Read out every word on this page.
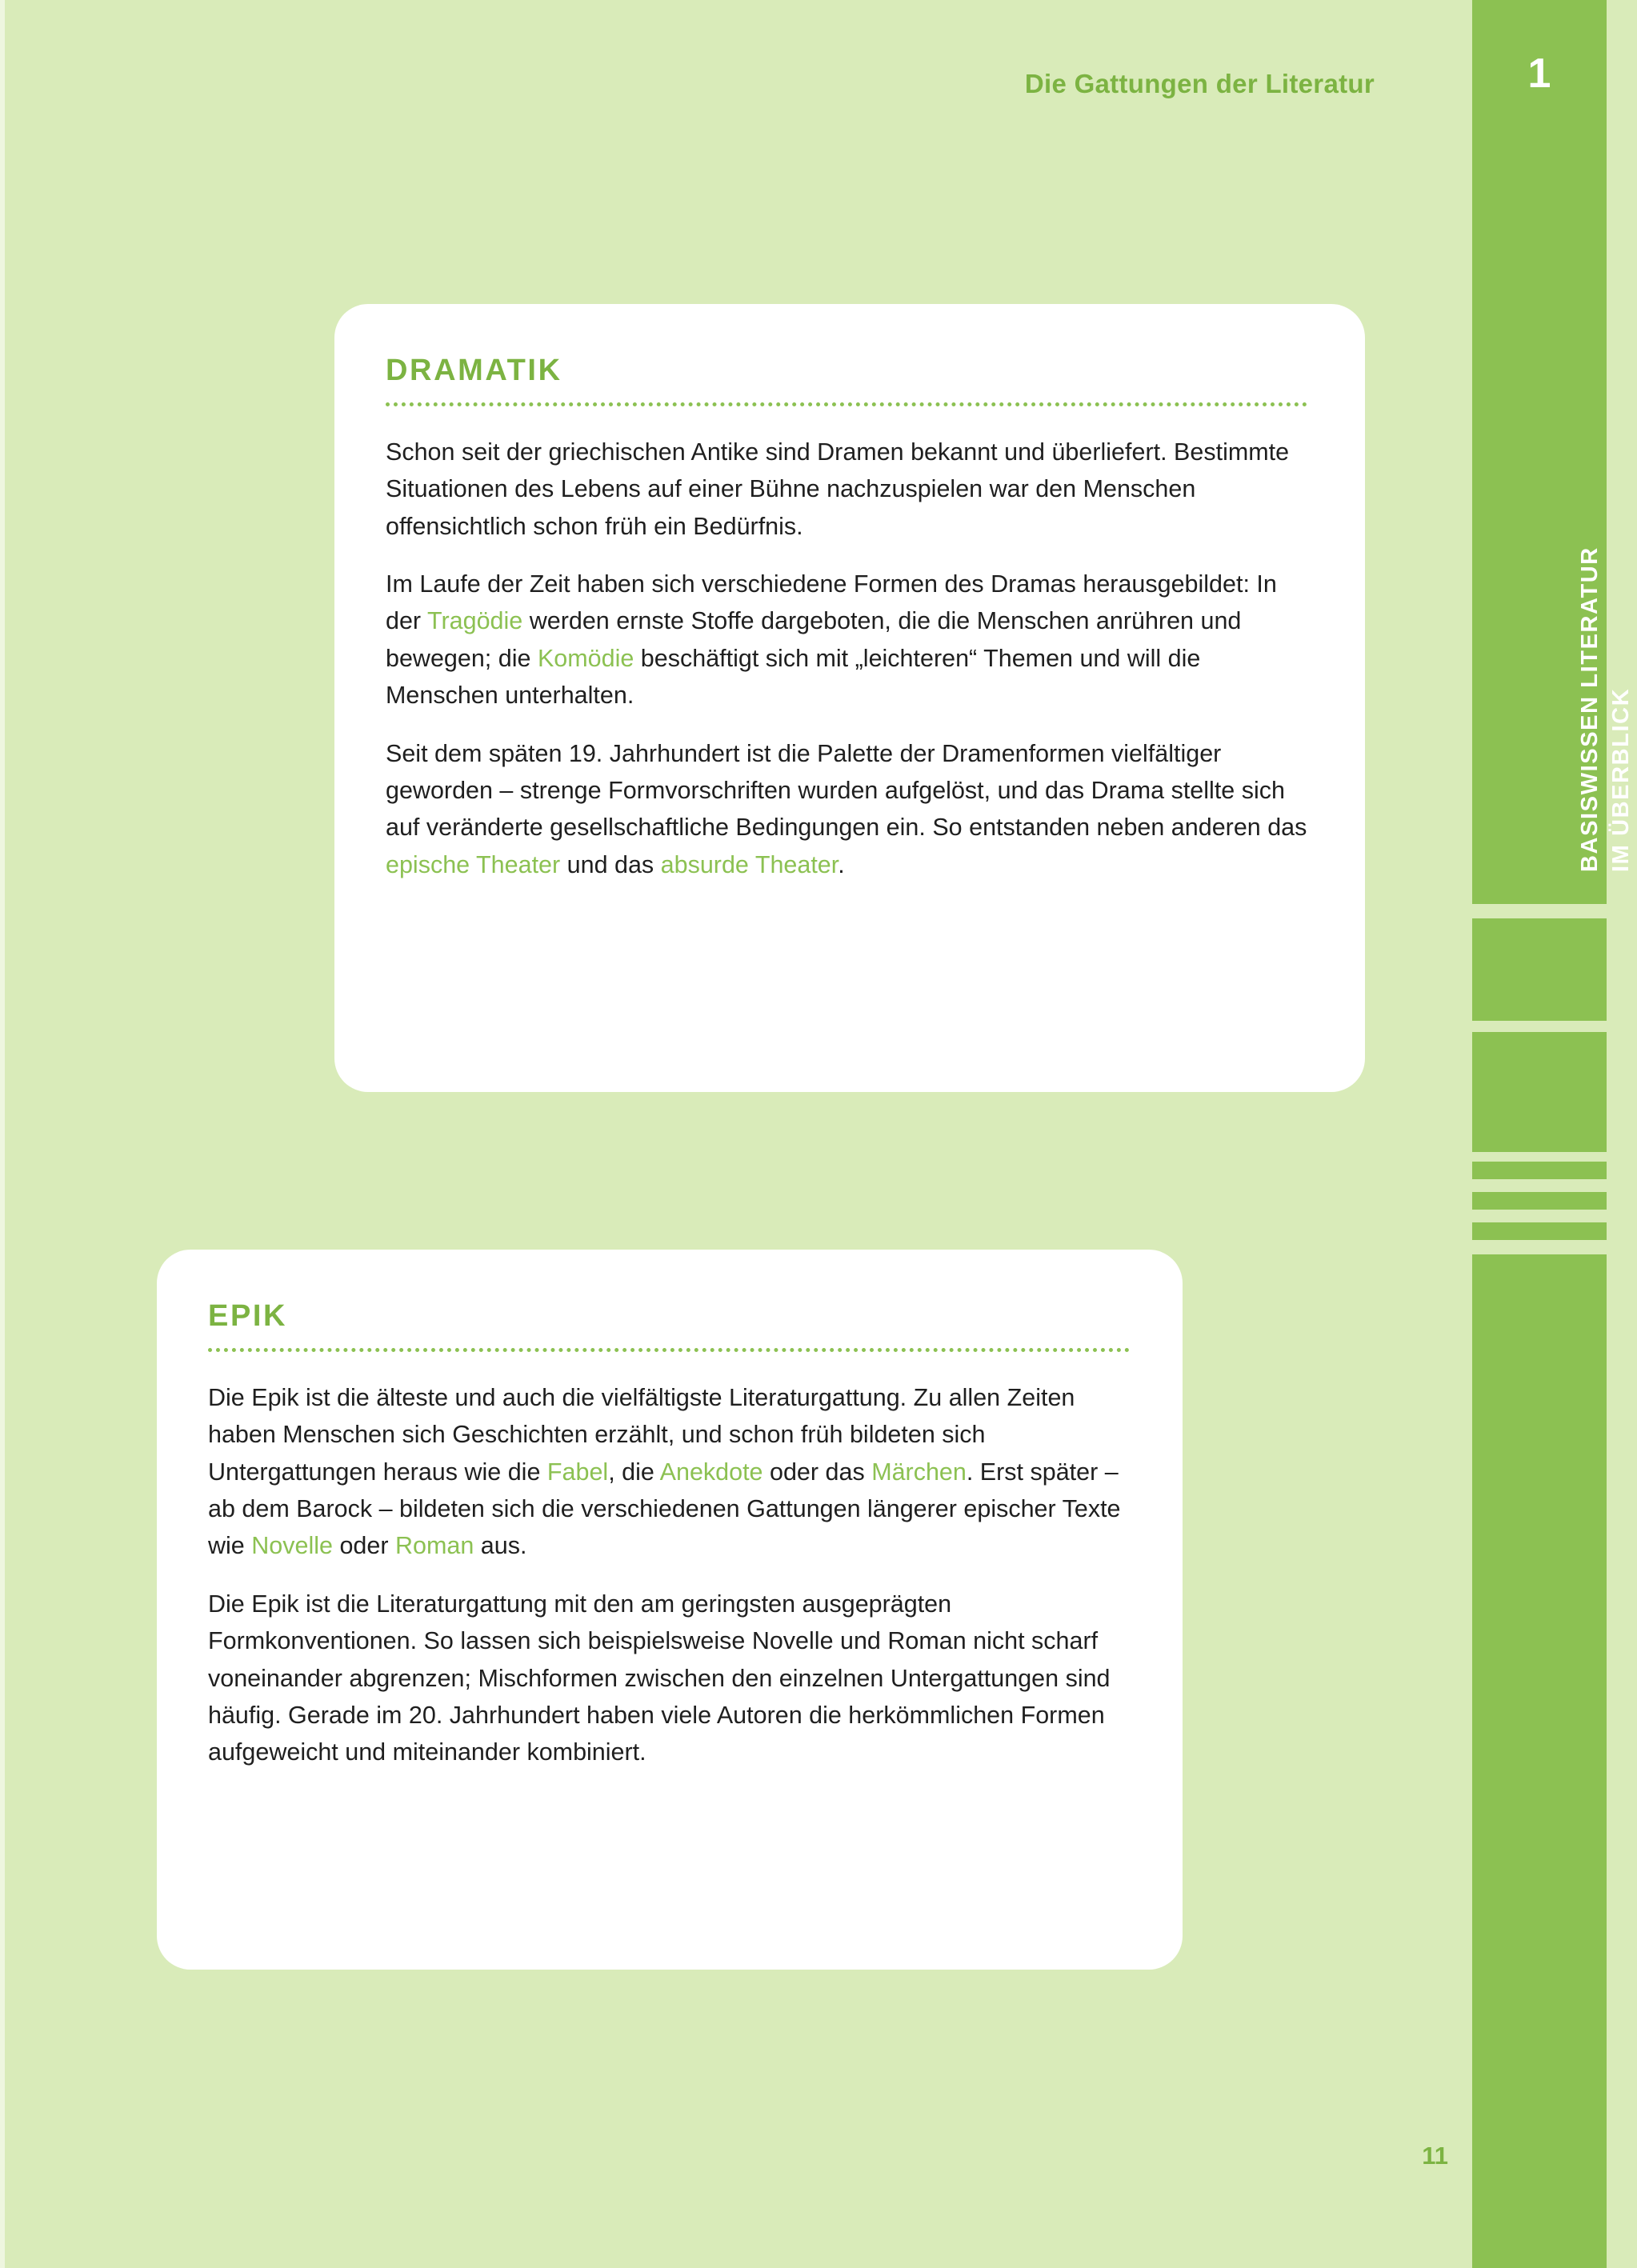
Die Gattungen der Literatur	1
BASISWISSEN LITERATUR IM ÜBERBLICK
DRAMATIK

Schon seit der griechischen Antike sind Dramen bekannt und überliefert. Bestimmte Situationen des Lebens auf einer Bühne nachzuspielen war den Menschen offensichtlich schon früh ein Bedürfnis.

Im Laufe der Zeit haben sich verschiedene Formen des Dramas herausgebildet: In der Tragödie werden ernste Stoffe dargeboten, die die Menschen anrühren und bewegen; die Komödie beschäftigt sich mit „leichteren“ Themen und will die Menschen unterhalten.

Seit dem späten 19. Jahrhundert ist die Palette der Dramenformen vielfältiger geworden – strenge Formvorschriften wurden aufgelöst, und das Drama stellte sich auf veränderte gesellschaftliche Bedingungen ein. So entstanden neben anderen das epische Theater und das absurde Theater.

EPIK

Die Epik ist die älteste und auch die vielfältigste Literaturgattung. Zu allen Zeiten haben Menschen sich Geschichten erzählt, und schon früh bildeten sich Untergattungen heraus wie die Fabel, die Anekdote oder das Märchen. Erst später – ab dem Barock – bildeten sich die verschiedenen Gattungen längerer epischer Texte wie Novelle oder Roman aus.

Die Epik ist die Literaturgattung mit den am geringsten ausgeprägten Formkonventionen. So lassen sich beispielsweise Novelle und Roman nicht scharf voneinander abgrenzen; Mischformen zwischen den einzelnen Untergattungen sind häufig. Gerade im 20. Jahrhundert haben viele Autoren die herkömmlichen Formen aufgeweicht und miteinander kombiniert.

11
